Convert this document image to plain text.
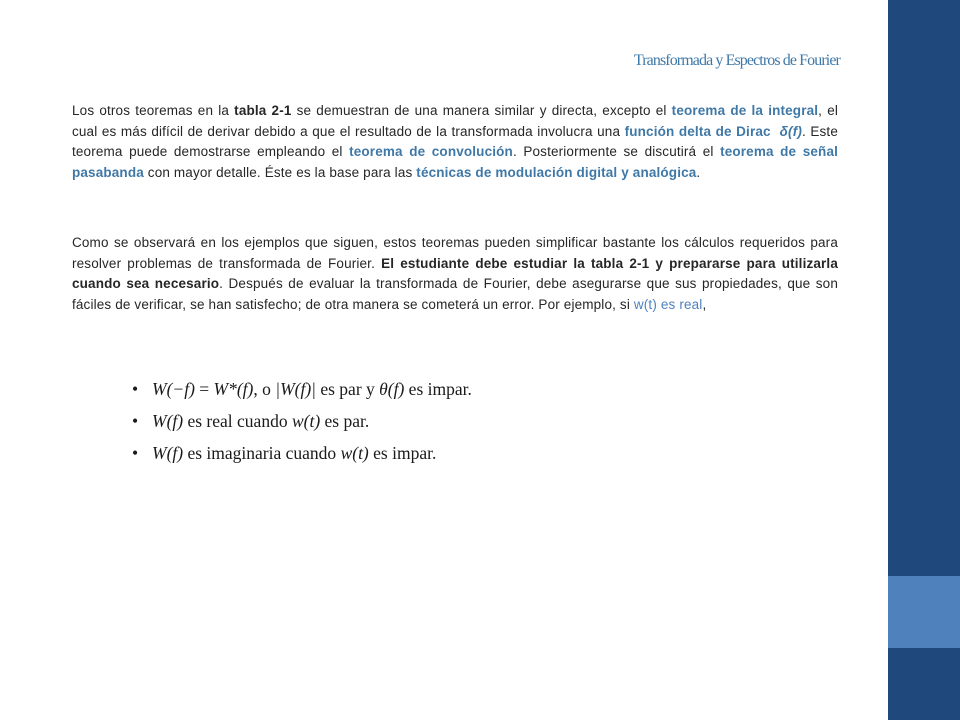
Transformada y Espectros de Fourier

Los otros teoremas en la tabla 2-1 se demuestran de una manera similar y directa, excepto el teorema de la integral, el cual es más difícil de derivar debido a que el resultado de la transformada involucra una función delta de Dirac δ(f). Este teorema puede demostrarse empleando el teorema de convolución. Posteriormente se discutirá el teorema de señal pasabanda con mayor detalle. Éste es la base para las técnicas de modulación digital y analógica.

Como se observará en los ejemplos que siguen, estos teoremas pueden simplificar bastante los cálculos requeridos para resolver problemas de transformada de Fourier. El estudiante debe estudiar la tabla 2-1 y prepararse para utilizarla cuando sea necesario. Después de evaluar la transformada de Fourier, debe asegurarse que sus propiedades, que son fáciles de verificar, se han satisfecho; de otra manera se cometerá un error. Por ejemplo, si w(t) es real,

• W(−f) = W*(f), o |W(f)| es par y θ(f) es impar.
• W(f) es real cuando w(t) es par.
• W(f) es imaginaria cuando w(t) es impar.
